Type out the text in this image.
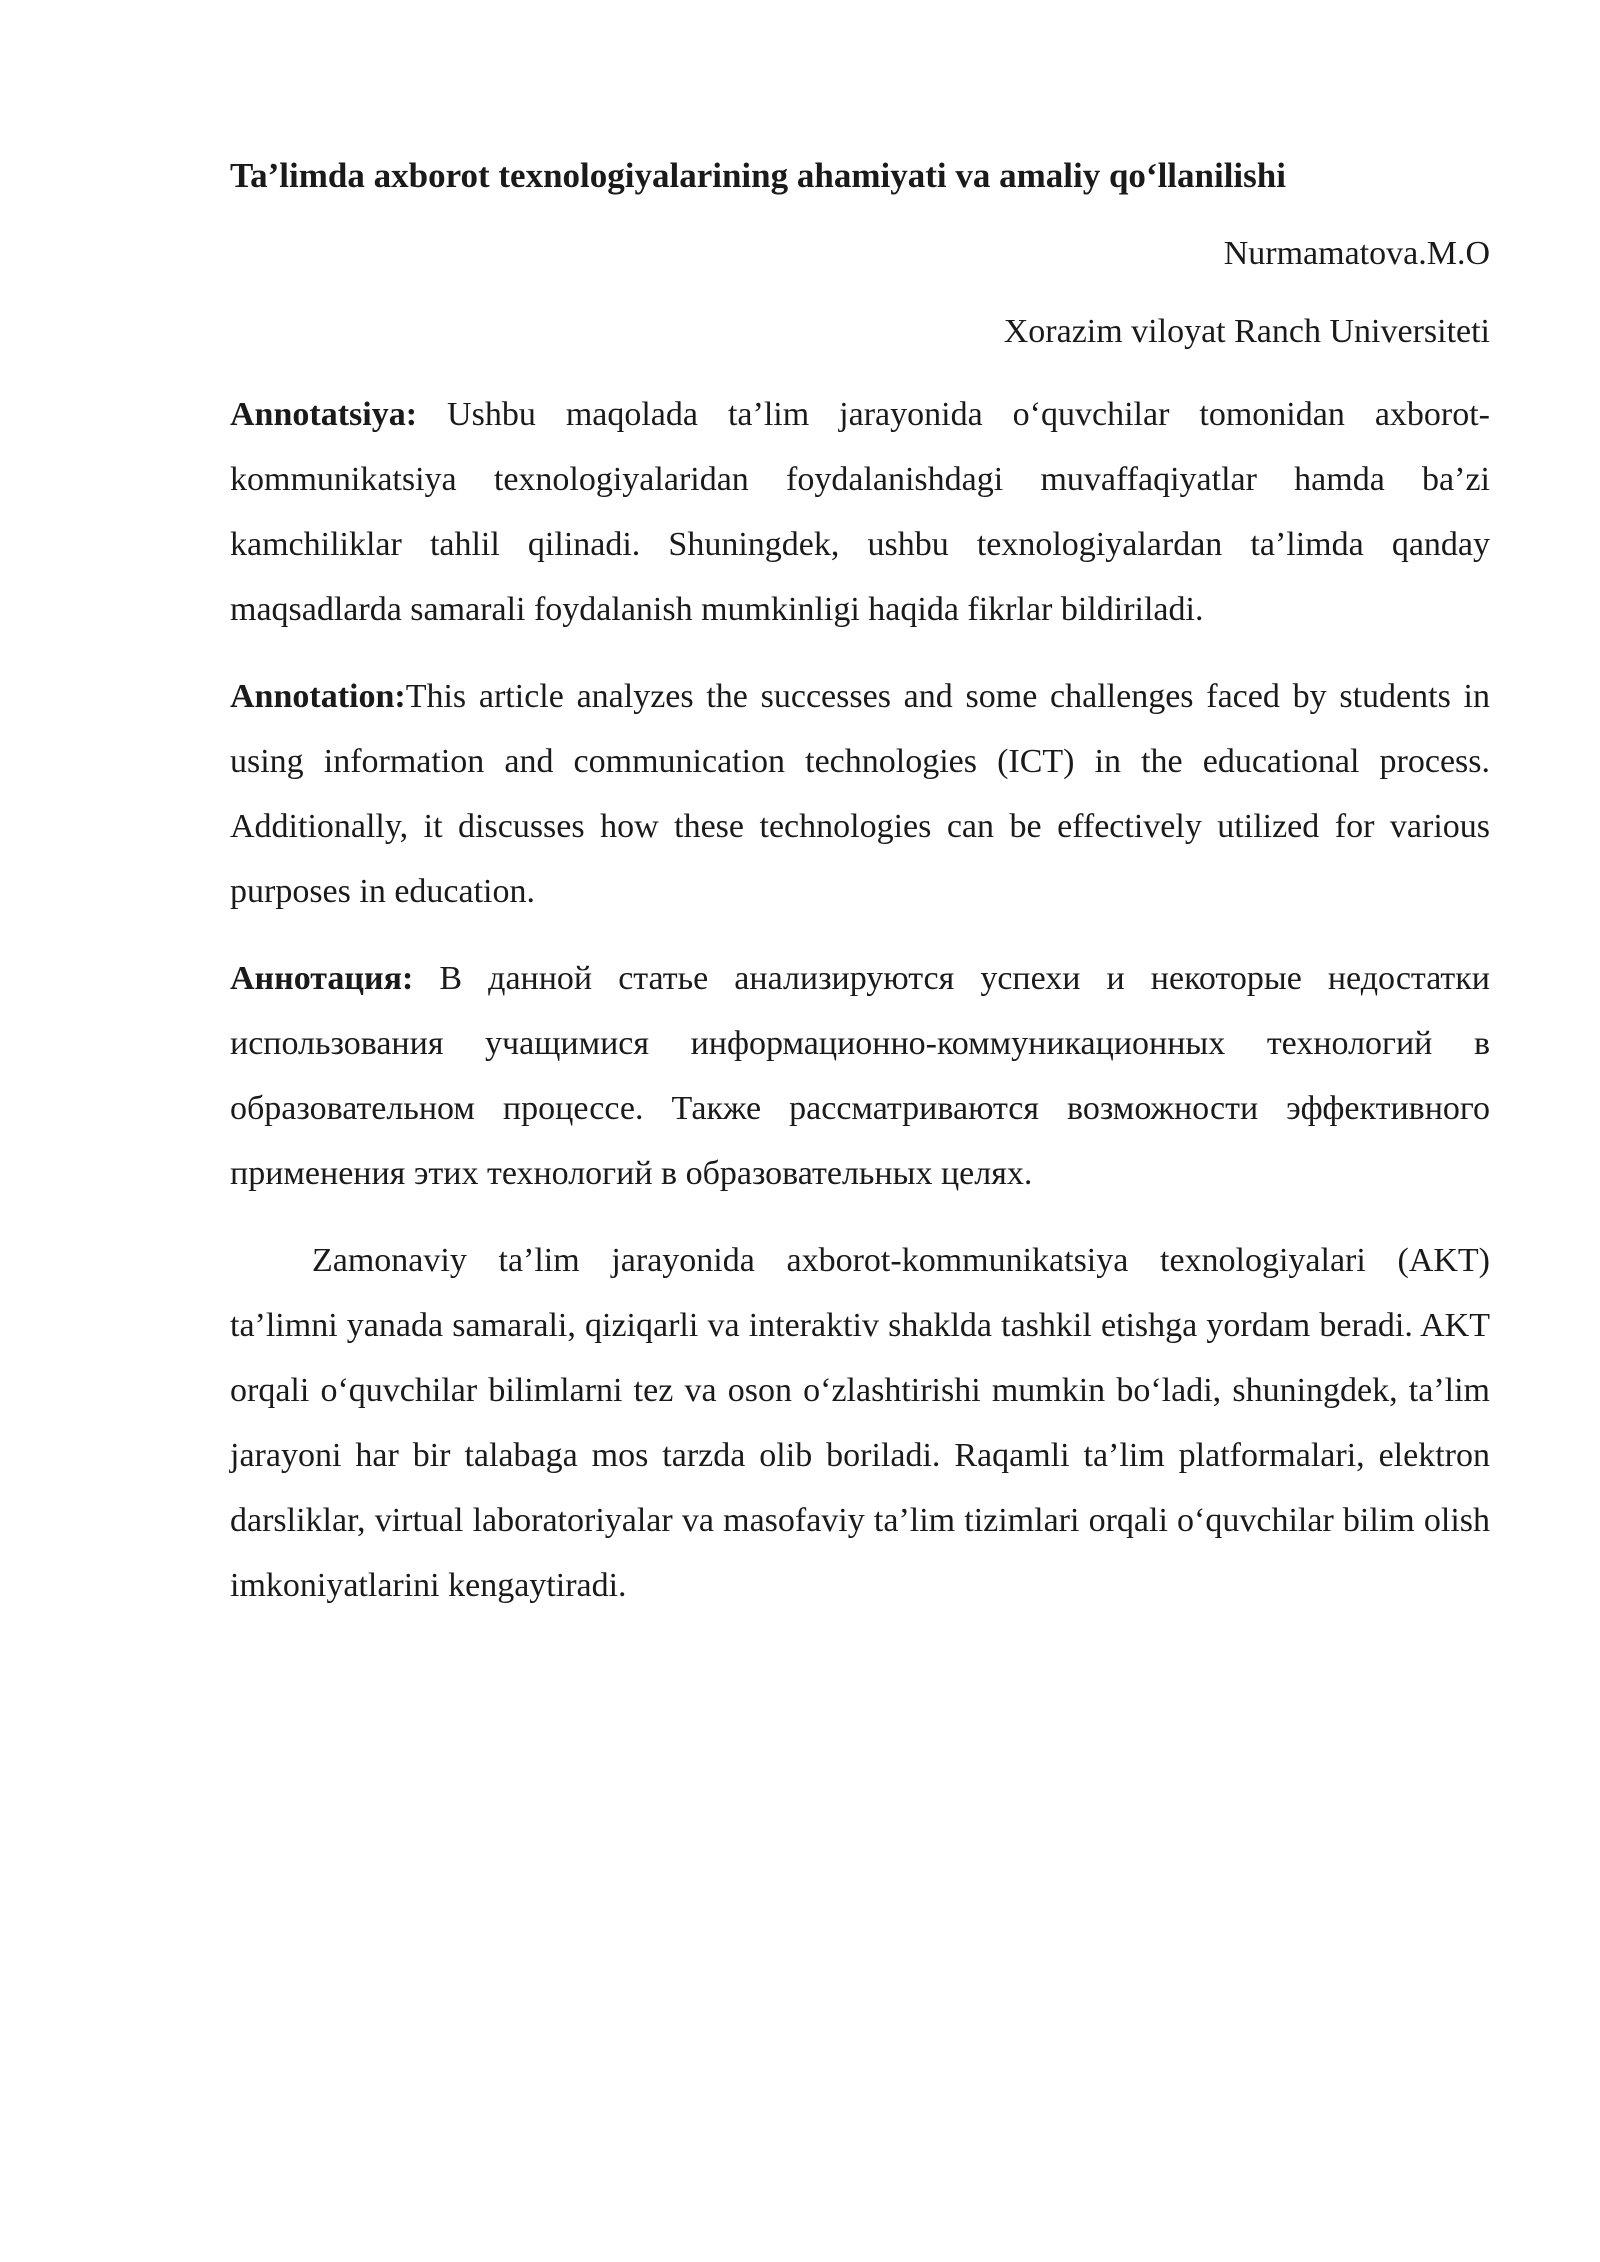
Ta’limda axborot texnologiyalarining ahamiyati va amaliy qo‘llanilishi
Nurmamatova.M.O
Xorazim viloyat Ranch Universiteti
Annotatsiya: Ushbu maqolada ta’lim jarayonida o‘quvchilar tomonidan axborot-kommunikatsiya texnologiyalaridan foydalanishdagi muvaffaqiyatlar hamda ba’zi kamchiliklar tahlil qilinadi. Shuningdek, ushbu texnologiyalardan ta’limda qanday maqsadlarda samarali foydalanish mumkinligi haqida fikrlar bildiriladi.
Annotation:This article analyzes the successes and some challenges faced by students in using information and communication technologies (ICT) in the educational process. Additionally, it discusses how these technologies can be effectively utilized for various purposes in education.
Аннотация: В данной статье анализируются успехи и некоторые недостатки использования учащимися информационно-коммуникационных технологий в образовательном процессе. Также рассматриваются возможности эффективного применения этих технологий в образовательных целях.
Zamonaviy ta’lim jarayonida axborot-kommunikatsiya texnologiyalari (AKT) ta’limni yanada samarali, qiziqarli va interaktiv shaklda tashkil etishga yordam beradi. AKT orqali o‘quvchilar bilimlarni tez va oson o‘zlashtirishi mumkin bo‘ladi, shuningdek, ta’lim jarayoni har bir talabaga mos tarzda olib boriladi. Raqamli ta’lim platformalari, elektron darsliklar, virtual laboratoriyalar va masofaviy ta’lim tizimlari orqali o‘quvchilar bilim olish imkoniyatlarini kengaytiradi.
